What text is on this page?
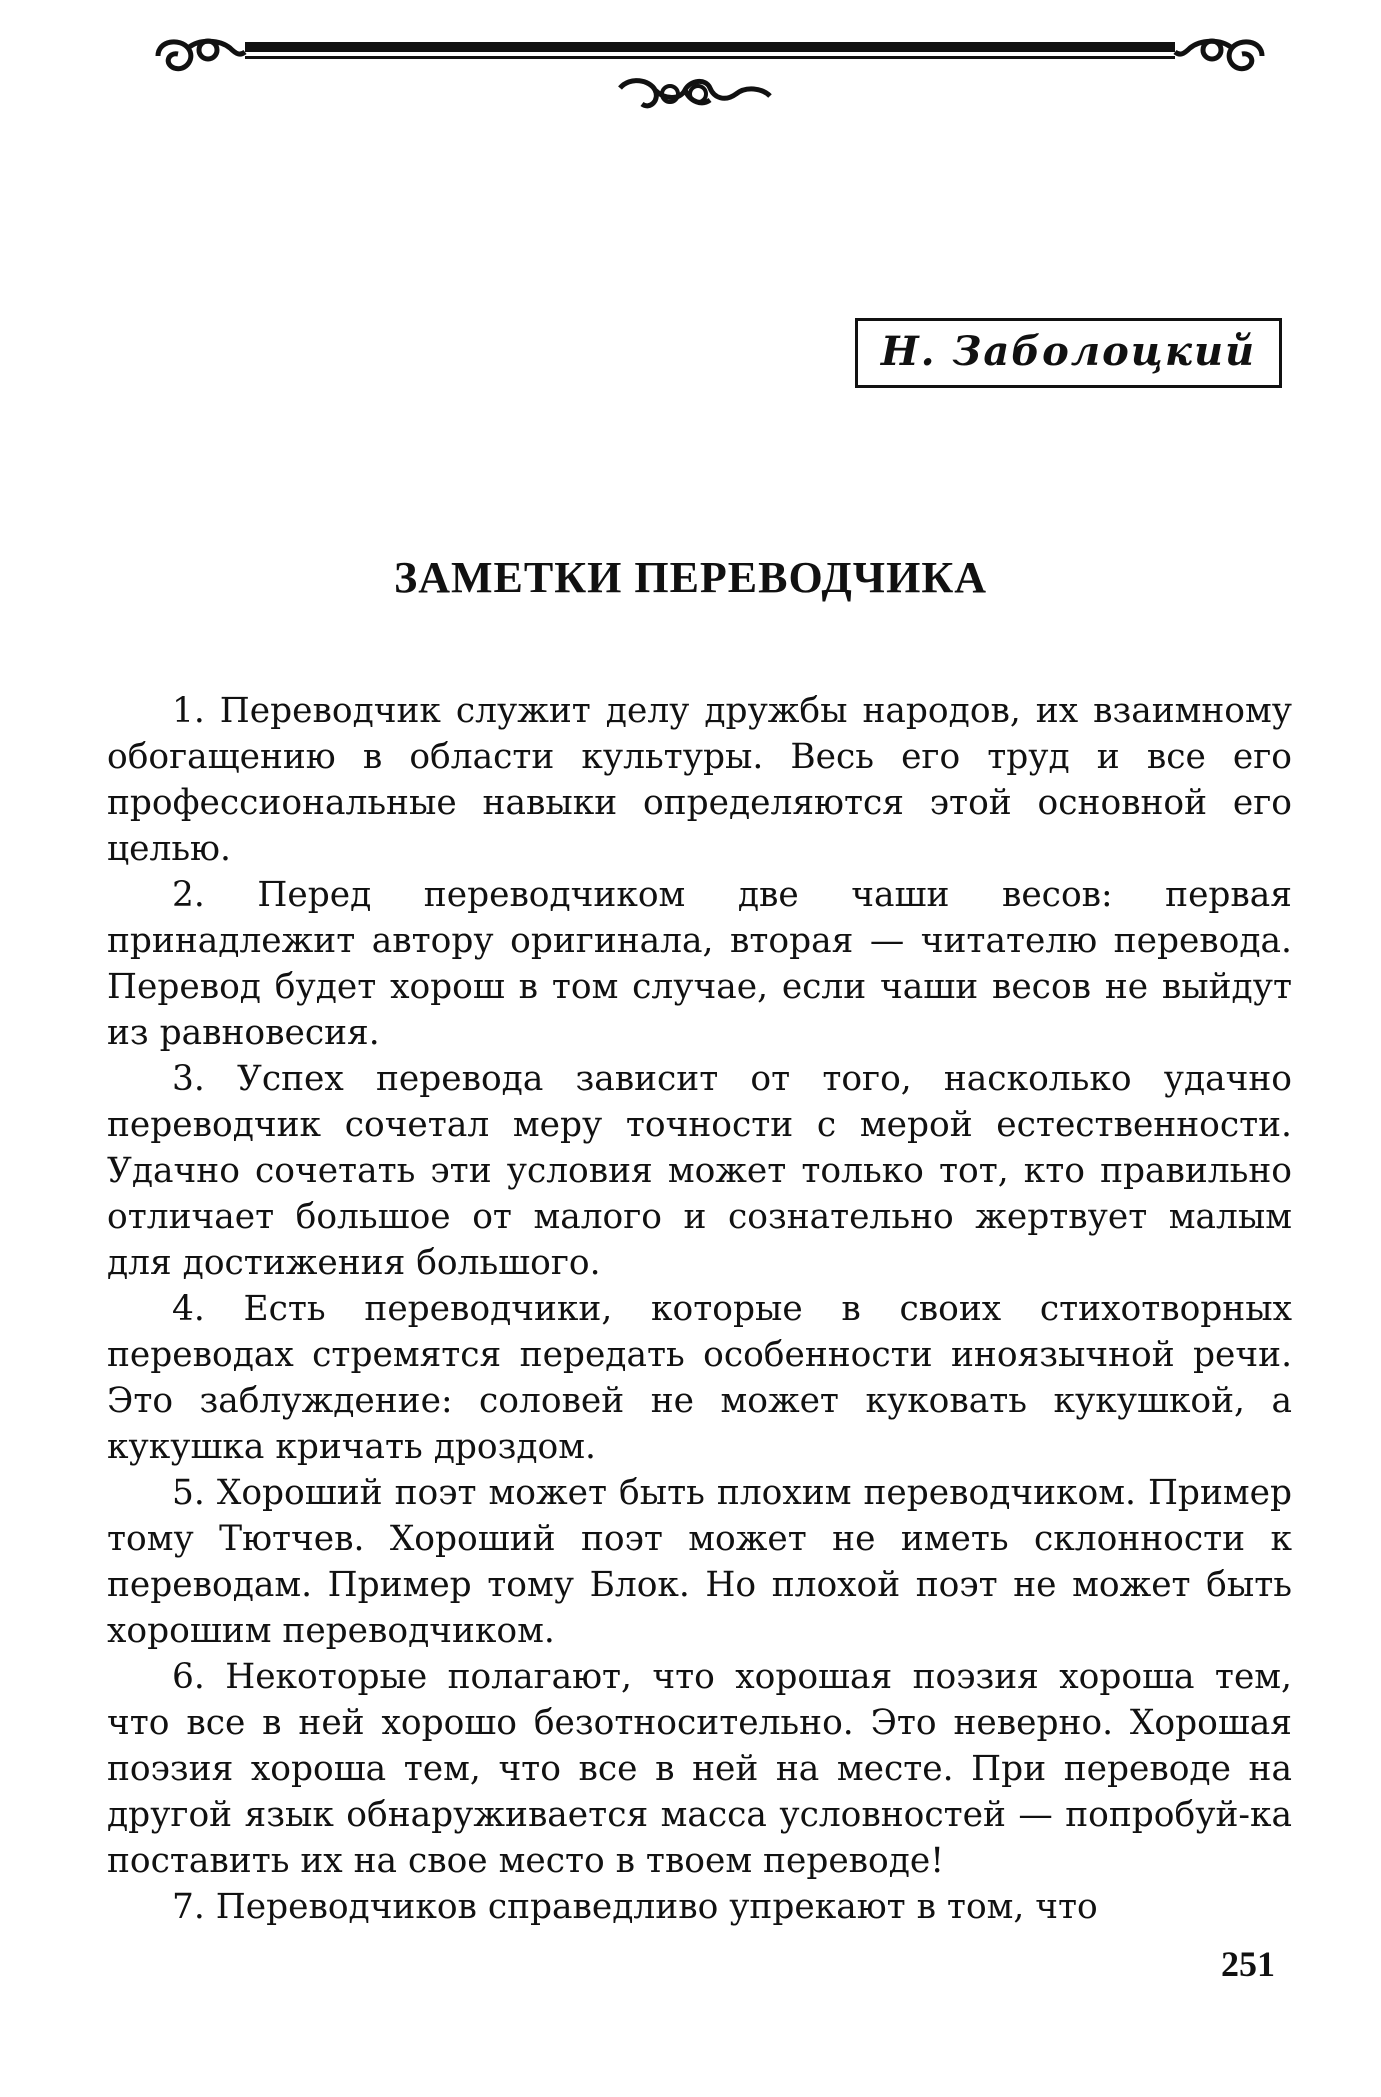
Н. Заболоцкий
ЗАМЕТКИ ПЕРЕВОДЧИКА

1. Переводчик служит делу дружбы народов, их взаимному обогащению в области культуры. Весь его труд и все его профессиональные навыки определяются этой основной его целью.

2. Перед переводчиком две чаши весов: первая принадлежит автору оригинала, вторая — читателю перевода. Перевод будет хорош в том случае, если чаши весов не выйдут из равновесия.

3. Успех перевода зависит от того, насколько удачно переводчик сочетал меру точности с мерой естественности. Удачно сочетать эти условия может только тот, кто правильно отличает большое от малого и сознательно жертвует малым для достижения большого.

4. Есть переводчики, которые в своих стихотворных переводах стремятся передать особенности иноязычной речи. Это заблуждение: соловей не может куковать кукушкой, а кукушка кричать дроздом.

5. Хороший поэт может быть плохим переводчиком. Пример тому Тютчев. Хороший поэт может не иметь склонности к переводам. Пример тому Блок. Но плохой поэт не может быть хорошим переводчиком.

6. Некоторые полагают, что хорошая поэзия хороша тем, что все в ней хорошо безотносительно. Это неверно. Хорошая поэзия хороша тем, что все в ней на месте. При переводе на другой язык обнаруживается масса условностей — попробуй-ка поставить их на свое место в твоем переводе!

7. Переводчиков справедливо упрекают в том, что

251
